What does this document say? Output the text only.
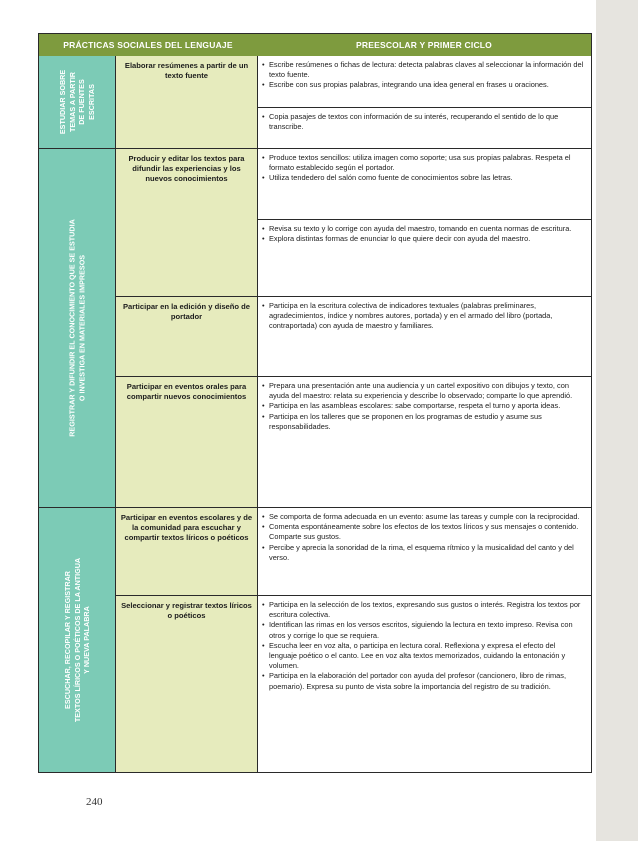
PRÁCTICAS SOCIALES DEL LENGUAJE	PREESCOLAR Y PRIMER CICLO
ESTUDIAR SOBRE
TEMAS A PARTIR
DE FUENTES
ESCRITAS
REGISTRAR Y DIFUNDIR EL CONOCIMIENTO QUE SE ESTUDIA
O INVESTIGA EN MATERIALES IMPRESOS
ESCUCHAR, RECOPILAR Y REGISTRAR
TEXTOS LÍRICOS O POÉTICOS DE LA ANTIGUA
Y NUEVA PALABRA
Elaborar resúmenes a partir de un texto fuente
• Escribe resúmenes o fichas de lectura: detecta palabras claves al seleccionar la información del texto fuente.
• Escribe con sus propias palabras, integrando una idea general en frases u oraciones.
• Copia pasajes de textos con información de su interés, recuperando el sentido de lo que transcribe.
Producir y editar los textos para difundir las experiencias y los nuevos conocimientos
• Produce textos sencillos: utiliza imagen como soporte; usa sus propias palabras. Respeta el formato establecido según el portador.
• Utiliza tendedero del salón como fuente de conocimientos sobre las letras.
• Revisa su texto y lo corrige con ayuda del maestro, tomando en cuenta normas de escritura.
• Explora distintas formas de enunciar lo que quiere decir con ayuda del maestro.
Participar en la edición y diseño de portador
• Participa en la escritura colectiva de indicadores textuales (palabras preliminares, agradecimientos, índice y nombres autores, portada) y en el armado del libro (portada, contraportada) con ayuda de maestro y familiares.
Participar en eventos orales para compartir nuevos conocimientos
• Prepara una presentación ante una audiencia y un cartel expositivo con dibujos y texto, con ayuda del maestro: relata su experiencia y describe lo observado; comparte lo que aprendió.
• Participa en las asambleas escolares: sabe comportarse, respeta el turno y aporta ideas.
• Participa en los talleres que se proponen en los programas de estudio y asume sus responsabilidades.
Participar en eventos escolares y de la comunidad para escuchar y compartir textos líricos o poéticos
• Se comporta de forma adecuada en un evento: asume las tareas y cumple con la reciprocidad.
• Comenta espontáneamente sobre los efectos de los textos líricos y sus mensajes o contenido. Comparte sus gustos.
• Percibe y aprecia la sonoridad de la rima, el esquema rítmico y la musicalidad del canto y del verso.
Seleccionar y registrar textos líricos o poéticos
• Participa en la selección de los textos, expresando sus gustos o interés. Registra los textos por escritura colectiva.
• Identifican las rimas en los versos escritos, siguiendo la lectura en texto impreso. Revisa con otros y corrige lo que se requiera.
• Escucha leer en voz alta, o participa en lectura coral. Reflexiona y expresa el efecto del lenguaje poético o el canto. Lee en voz alta textos memorizados, cuidando la entonación y volumen.
• Participa en la elaboración del portador con ayuda del profesor (cancionero, libro de rimas, poemario). Expresa su punto de vista sobre la importancia del registro de su tradición.
240
